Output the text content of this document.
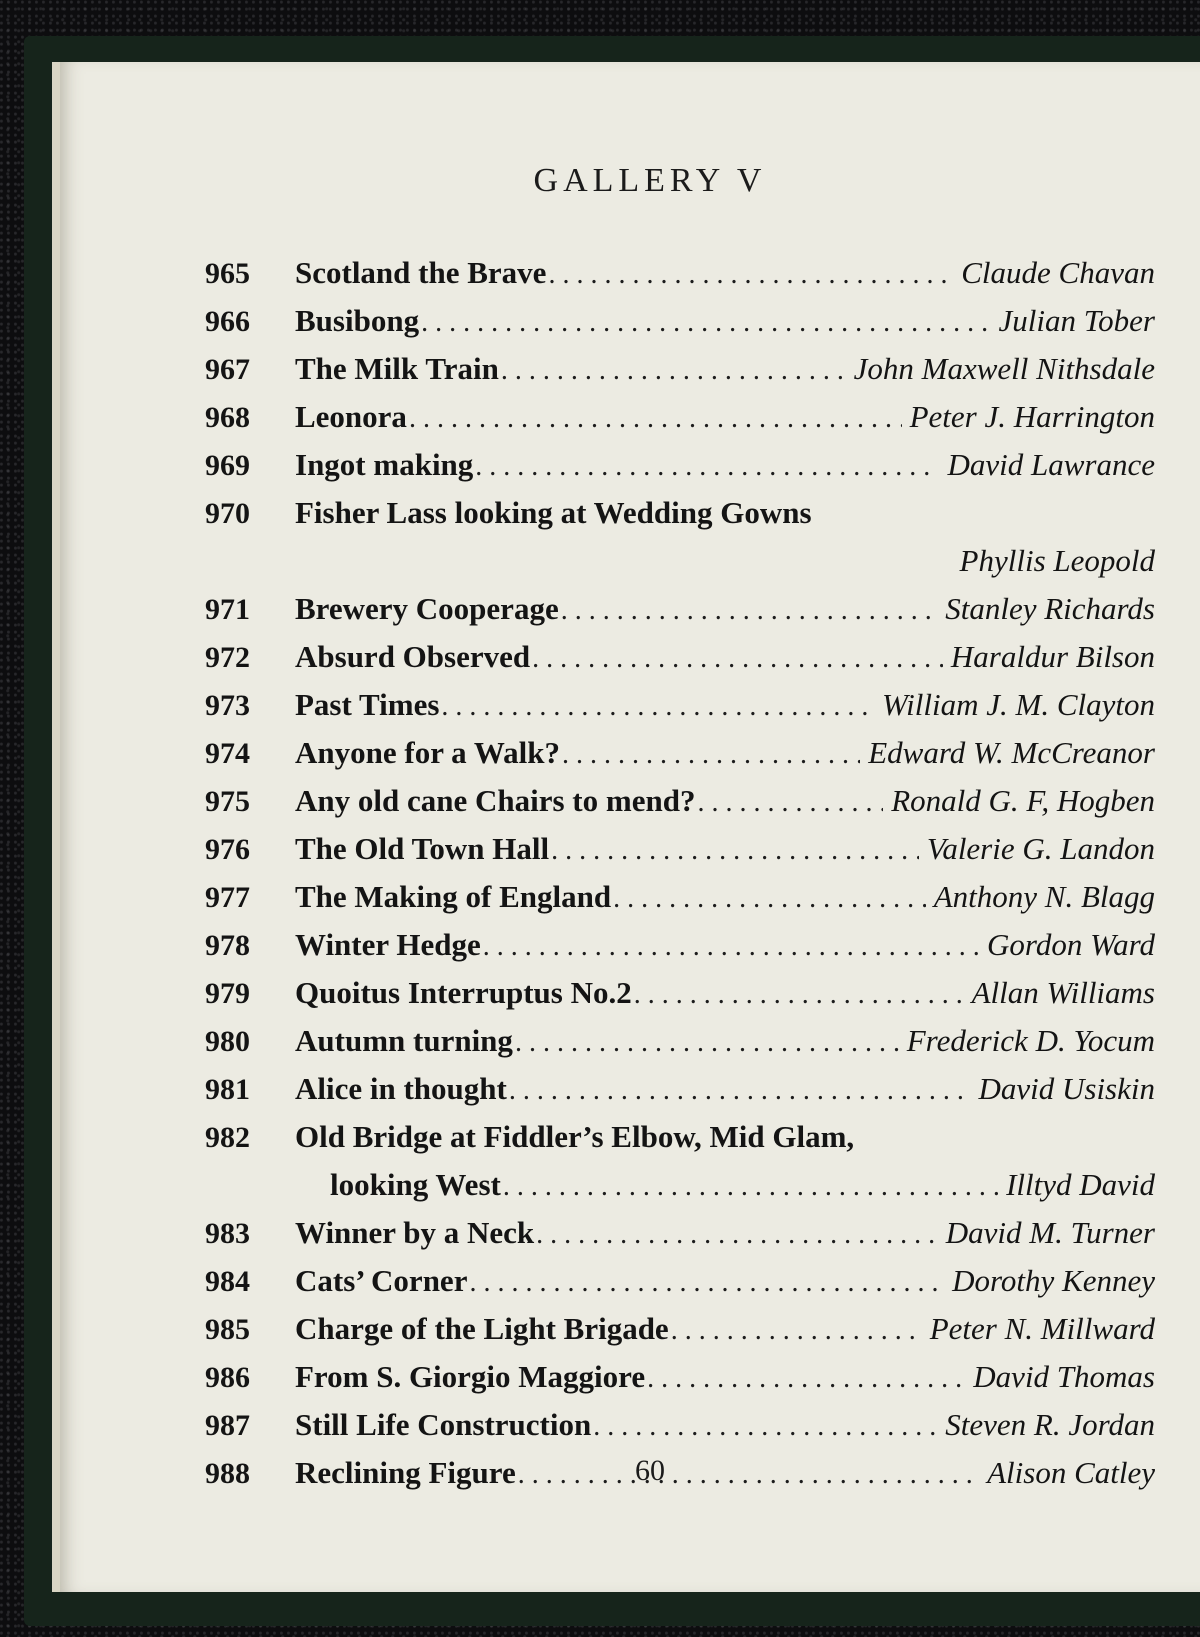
GALLERY V
965	Scotland the Brave . . .	Claude Chavan
966	Busibong . . .	Julian Tober
967	The Milk Train . . .	John Maxwell Nithsdale
968	Leonora . . .	Peter J. Harrington
969	Ingot making . . .	David Lawrance
970	Fisher Lass looking at Wedding Gowns
Phyllis Leopold
971	Brewery Cooperage . . .	Stanley Richards
972	Absurd Observed . . .	Haraldur Bilson
973	Past Times . . .	William J. M. Clayton
974	Anyone for a Walk? . . .	Edward W. McCreanor
975	Any old cane Chairs to mend? . . .	Ronald G. F, Hogben
976	The Old Town Hall . . .	Valerie G. Landon
977	The Making of England . . .	Anthony N. Blagg
978	Winter Hedge . . .	Gordon Ward
979	Quoitus Interruptus No.2 . . .	Allan Williams
980	Autumn turning . . .	Frederick D. Yocum
981	Alice in thought . . .	David Usiskin
982	Old Bridge at Fiddler’s Elbow, Mid Glam,
looking West . . .	Illtyd David
983	Winner by a Neck . . .	David M. Turner
984	Cats’ Corner . . .	Dorothy Kenney
985	Charge of the Light Brigade . . .	Peter N. Millward
986	From S. Giorgio Maggiore . . .	David Thomas
987	Still Life Construction . . .	Steven R. Jordan
988	Reclining Figure . . .	Alison Catley
60
